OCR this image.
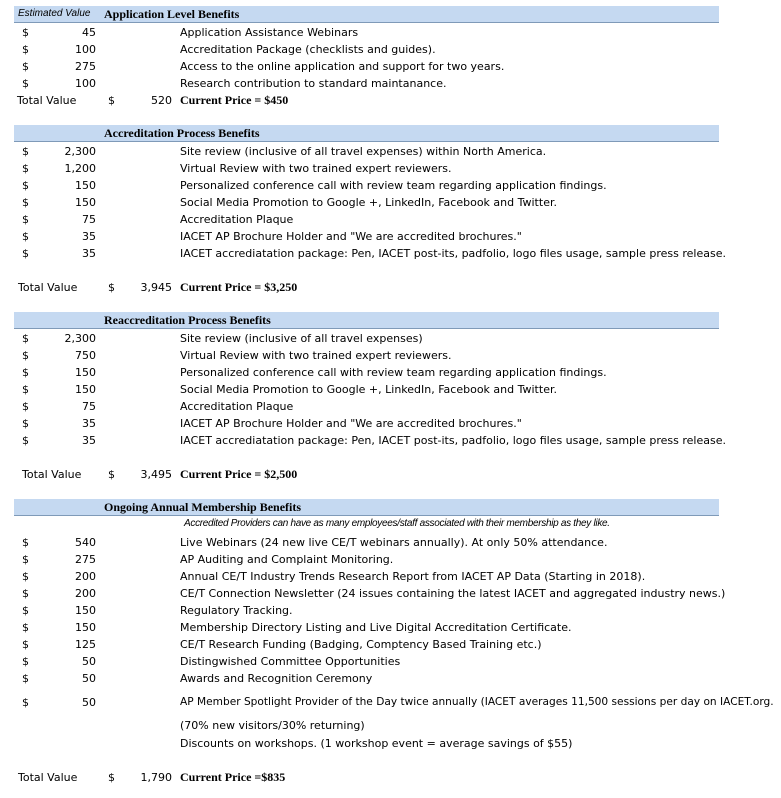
Estimated Value Application Level Benefits
$	45	Application Assistance Webinars
$	100	Accreditation Package (checklists and guides).
$	275	Access to the online application and support for two years.
$	100	Research contribution to standard maintanance.
Total Value	$	520 Current Price = $450
Accreditation Process Benefits
$	2,300	Site review (inclusive of all travel expenses) within North America.
$	1,200	Virtual Review with two trained expert reviewers.
$	150	Personalized conference call with review team regarding application findings.
$	150	Social Media Promotion to Google +, LinkedIn, Facebook and Twitter.
$	75	Accreditation Plaque
$	35	IACET AP Brochure Holder and "We are accredited brochures."
$	35	IACET accrediatation package: Pen, IACET post-its, padfolio, logo files usage, sample press release.
Total Value	$	3,945 Current Price = $3,250
Reaccreditation Process Benefits
$	2,300	Site review (inclusive of all travel expenses)
$	750	Virtual Review with two trained expert reviewers.
$	150	Personalized conference call with review team regarding application findings.
$	150	Social Media Promotion to Google +, LinkedIn, Facebook and Twitter.
$	75	Accreditation Plaque
$	35	IACET AP Brochure Holder and "We are accredited brochures."
$	35	IACET accrediatation package: Pen, IACET post-its, padfolio, logo files usage, sample press release.
Total Value $	3,495 Current Price = $2,500
Ongoing Annual Membership Benefits
Accredited Providers can have as many employees/staff associated with their membership as they like.
$	540	Live Webinars (24 new live CE/T webinars annually). At only 50% attendance.
$	275	AP Auditing and Complaint Monitoring.
$	200	Annual CE/T Industry Trends Research Report from IACET AP Data (Starting in 2018).
$	200	CE/T Connection Newsletter (24 issues containing the latest IACET and aggregated industry news.)
$	150	Regulatory Tracking.
$	150	Membership Directory Listing and Live Digital Accreditation Certificate.
$	125	CE/T Research Funding (Badging, Comptency Based Training etc.)
$	50	Distingwished Committee Opportunities
$	50	Awards and Recognition Ceremony
$	50	AP Member Spotlight Provider of the Day twice annually (IACET averages 11,500 sessions per day on IACET.org.
(70% new visitors/30% returning)
Discounts on workshops. (1 workshop event = average savings of $55)
Total Value	$	1,790 Current Price =$835
